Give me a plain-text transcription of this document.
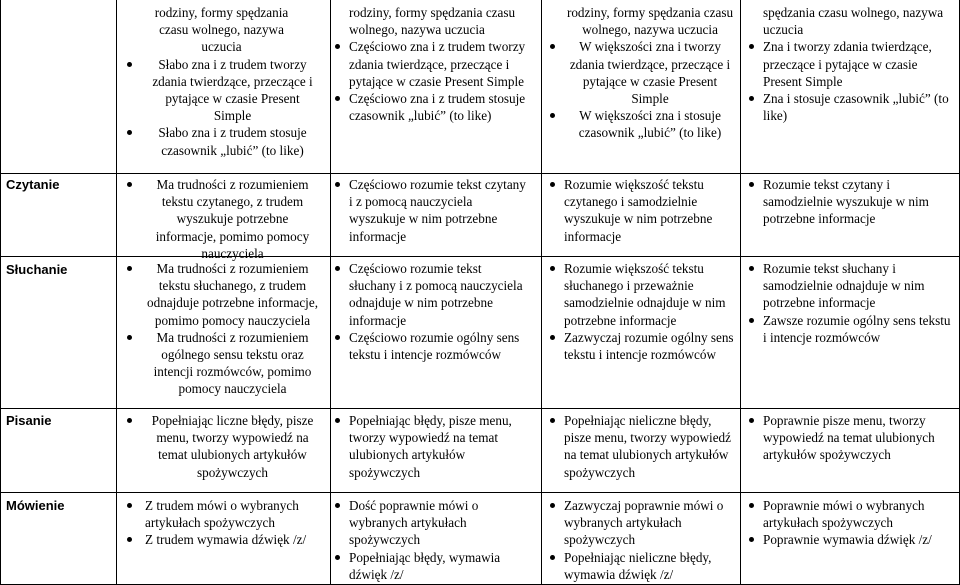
Czytanie
Słuchanie
Pisanie
Mówienie
rodziny, formy spędzania
czasu wolnego, nazywa
uczucia
Słabo zna i z trudem tworzy zdania twierdzące, przeczące i pytające w czasie Present Simple
Słabo zna i z trudem stosuje czasownik „lubić” (to like)
Ma trudności z rozumieniem tekstu czytanego, z trudem wyszukuje potrzebne informacje, pomimo pomocy nauczyciela
Ma trudności z rozumieniem tekstu słuchanego, z trudem odnajduje potrzebne informacje, pomimo pomocy nauczyciela
Ma trudności z rozumieniem ogólnego sensu tekstu oraz intencji rozmówców, pomimo pomocy nauczyciela
Popełniając liczne błędy, pisze menu, tworzy wypowiedź na temat ulubionych artykułów spożywczych
Z trudem mówi o wybranych artykułach spożywczych
Z trudem wymawia dźwięk /z/
rodziny, formy spędzania czasu wolnego, nazywa uczucia
Częściowo zna i z trudem tworzy zdania twierdzące, przeczące i pytające w czasie Present Simple
Częściowo zna i z trudem stosuje czasownik „lubić” (to like)
Częściowo rozumie tekst czytany i z pomocą nauczyciela wyszukuje w nim potrzebne informacje
Częściowo rozumie tekst słuchany i z pomocą nauczyciela odnajduje w nim potrzebne informacje
Częściowo rozumie ogólny sens tekstu i intencje rozmówców
Popełniając błędy, pisze menu, tworzy wypowiedź na temat ulubionych artykułów spożywczych
Dość poprawnie mówi o wybranych artykułach spożywczych
Popełniając błędy, wymawia dźwięk /z/
rodziny, formy spędzania czasu wolnego, nazywa uczucia
W większości zna i tworzy zdania twierdzące, przeczące i pytające w czasie Present Simple
W większości zna i stosuje czasownik „lubić” (to like)
Rozumie większość tekstu czytanego i samodzielnie wyszukuje w nim potrzebne informacje
Rozumie większość tekstu słuchanego i przeważnie samodzielnie odnajduje w nim potrzebne informacje
Zazwyczaj rozumie ogólny sens tekstu i intencje rozmówców
Popełniając nieliczne błędy, pisze menu, tworzy wypowiedź na temat ulubionych artykułów spożywczych
Zazwyczaj poprawnie mówi o wybranych artykułach spożywczych
Popełniając nieliczne błędy, wymawia dźwięk /z/
spędzania czasu wolnego, nazywa uczucia
Zna i tworzy zdania twierdzące, przeczące i pytające w czasie Present Simple
Zna i stosuje czasownik „lubić” (to like)
Rozumie tekst czytany i samodzielnie wyszukuje w nim potrzebne informacje
Rozumie tekst słuchany i samodzielnie odnajduje w nim potrzebne informacje
Zawsze rozumie ogólny sens tekstu i intencje rozmówców
Poprawnie pisze menu, tworzy wypowiedź na temat ulubionych artykułów spożywczych
Poprawnie mówi o wybranych artykułach spożywczych
Poprawnie wymawia dźwięk /z/
